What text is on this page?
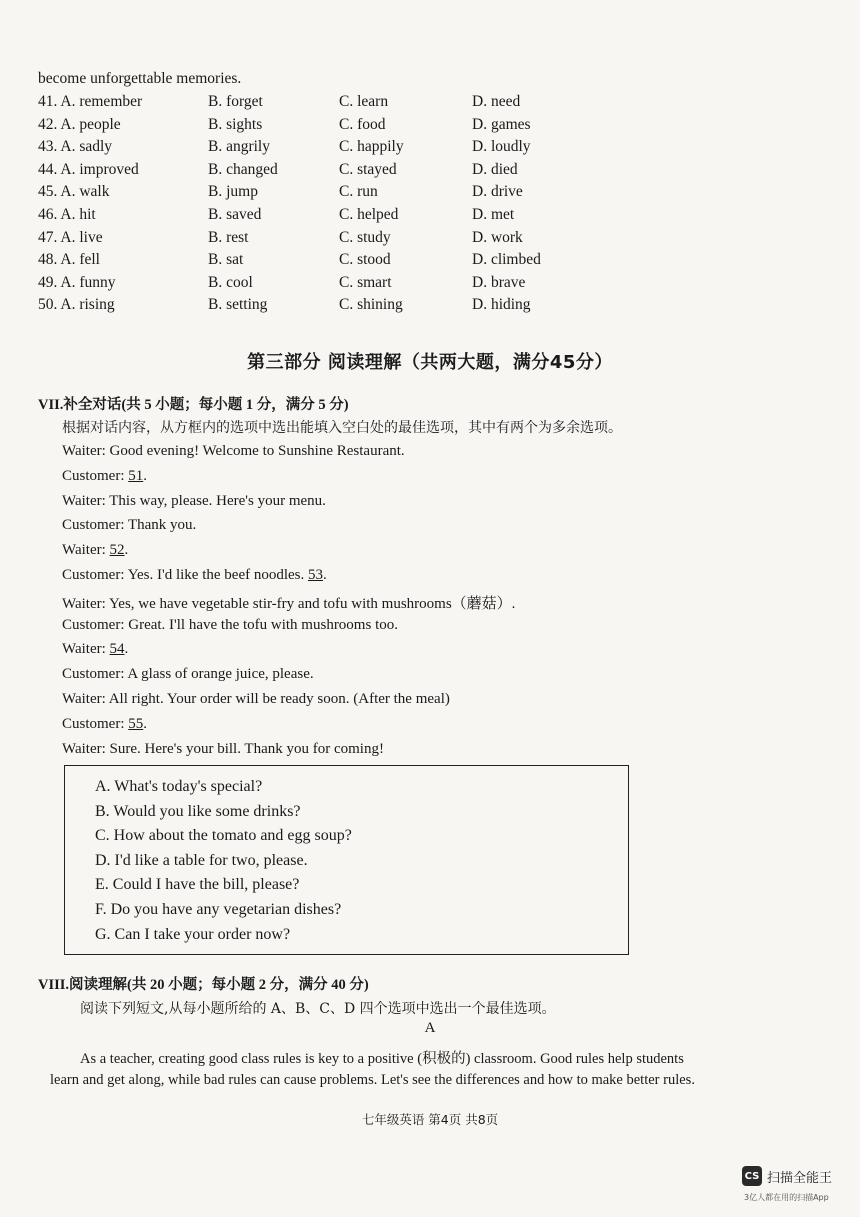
become unforgettable memories.
41. A. remember	B. forget	C. learn	D. need
42. A. people	B. sights	C. food	D. games
43. A. sadly	B. angrily	C. happily	D. loudly
44. A. improved	B. changed	C. stayed	D. died
45. A. walk	B. jump	C. run	D. drive
46. A. hit	B. saved	C. helped	D. met
47. A. live	B. rest	C. study	D. work
48. A. fell	B. sat	C. stood	D. climbed
49. A. funny	B. cool	C. smart	D. brave
50. A. rising	B. setting	C. shining	D. hiding
第三部分 阅读理解（共两大题，满分45分）
VII.补全对话(共 5 小题；每小题 1 分，满分 5 分)
根据对话内容，从方框内的选项中选出能填入空白处的最佳选项，其中有两个为多余选项。
Waiter: Good evening! Welcome to Sunshine Restaurant.
Customer: 51.
Waiter: This way, please. Here's your menu.
Customer: Thank you.
Waiter: 52.
Customer: Yes. I'd like the beef noodles. 53.
Waiter: Yes, we have vegetable stir-fry and tofu with mushrooms（蘑菇）.
Customer: Great. I'll have the tofu with mushrooms too.
Waiter: 54.
Customer: A glass of orange juice, please.
Waiter: All right. Your order will be ready soon. (After the meal)
Customer: 55.
Waiter: Sure. Here's your bill. Thank you for coming!
A. What's today's special?
B. Would you like some drinks?
C. How about the tomato and egg soup?
D. I'd like a table for two, please.
E. Could I have the bill, please?
F. Do you have any vegetarian dishes?
G. Can I take your order now?
VIII.阅读理解(共 20 小题；每小题 2 分，满分 40 分)
阅读下列短文,从每小题所给的 A、B、C、D 四个选项中选出一个最佳选项。
A
As a teacher, creating good class rules is key to a positive (积极的) classroom. Good rules help students
learn and get along, while bad rules can cause problems. Let's see the differences and how to make better rules.
七年级英语 第4页 共8页
CS 扫描全能王
3亿人都在用的扫描App
